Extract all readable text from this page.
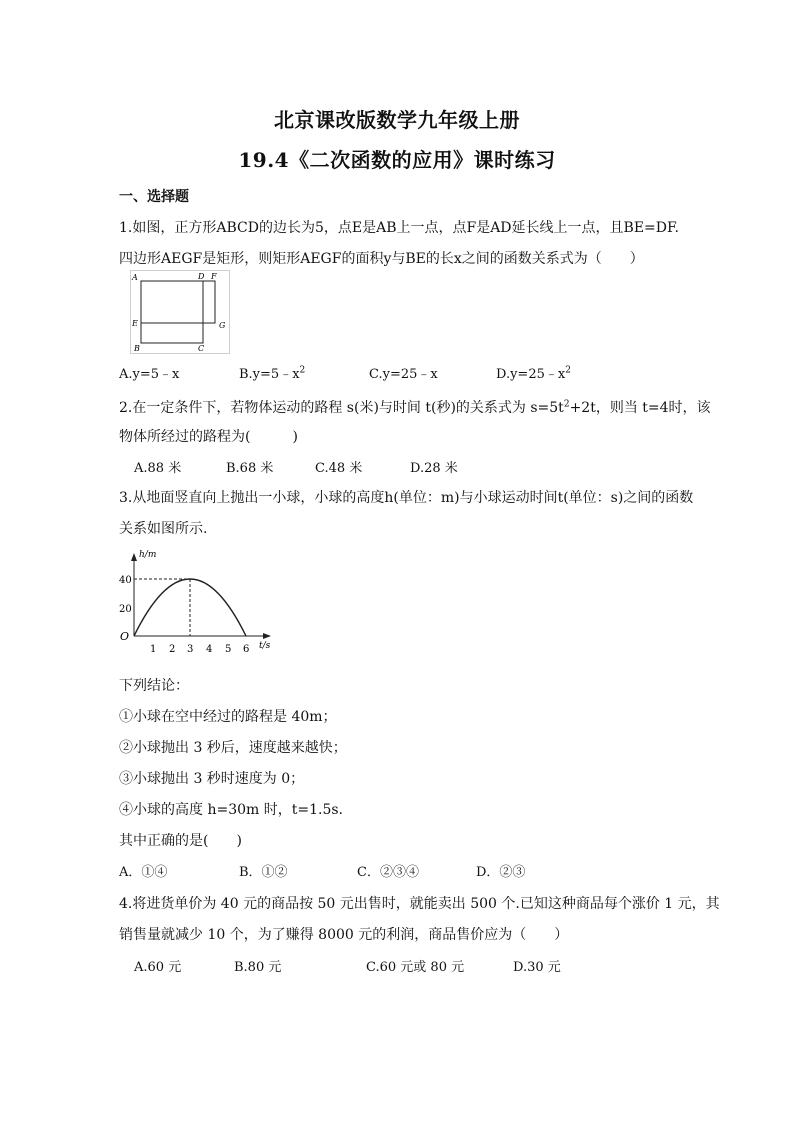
北京课改版数学九年级上册
19.4《二次函数的应用》课时练习
一、选择题
1.如图，正方形ABCD的边长为5，点E是AB上一点，点F是AD延长线上一点，且BE=DF.
四边形AEGF是矩形，则矩形AEGF的面积y与BE的长x之间的函数关系式为（　　）
A	D F
E	G
B	C
A.y=5﹣x	$B.y=5﹣x^2$	C.y=25﹣x	$D.y=25﹣x^2$
2.在一定条件下，若物体运动的路程 s(米)与时间 t(秒)的关系式为 $s=5t^2+2t$，则当 t=4时，该
物体所经过的路程为(　　　)
A.88 米	B.68 米	C.48 米	D.28 米
3.从地面竖直向上抛出一小球，小球的高度h(单位：m)与小球运动时间t(单位：s)之间的函数
关系如图所示.
h/m
t/s
O
40
20
1 2 3 4 5 6
下列结论：
①小球在空中经过的路程是 40m；
②小球抛出 3 秒后，速度越来越快；
③小球抛出 3 秒时速度为 0；
④小球的高度 h=30m 时，t=1.5s.
其中正确的是(　　)
A．①④	B．①②	C．②③④	D．②③
4.将进货单价为 40 元的商品按 50 元出售时，就能卖出 500 个.已知这种商品每个涨价 1 元，其
销售量就减少 10 个，为了赚得 8000 元的利润，商品售价应为（　　）
A.60 元	B.80 元	C.60 元或 80 元	D.30 元
